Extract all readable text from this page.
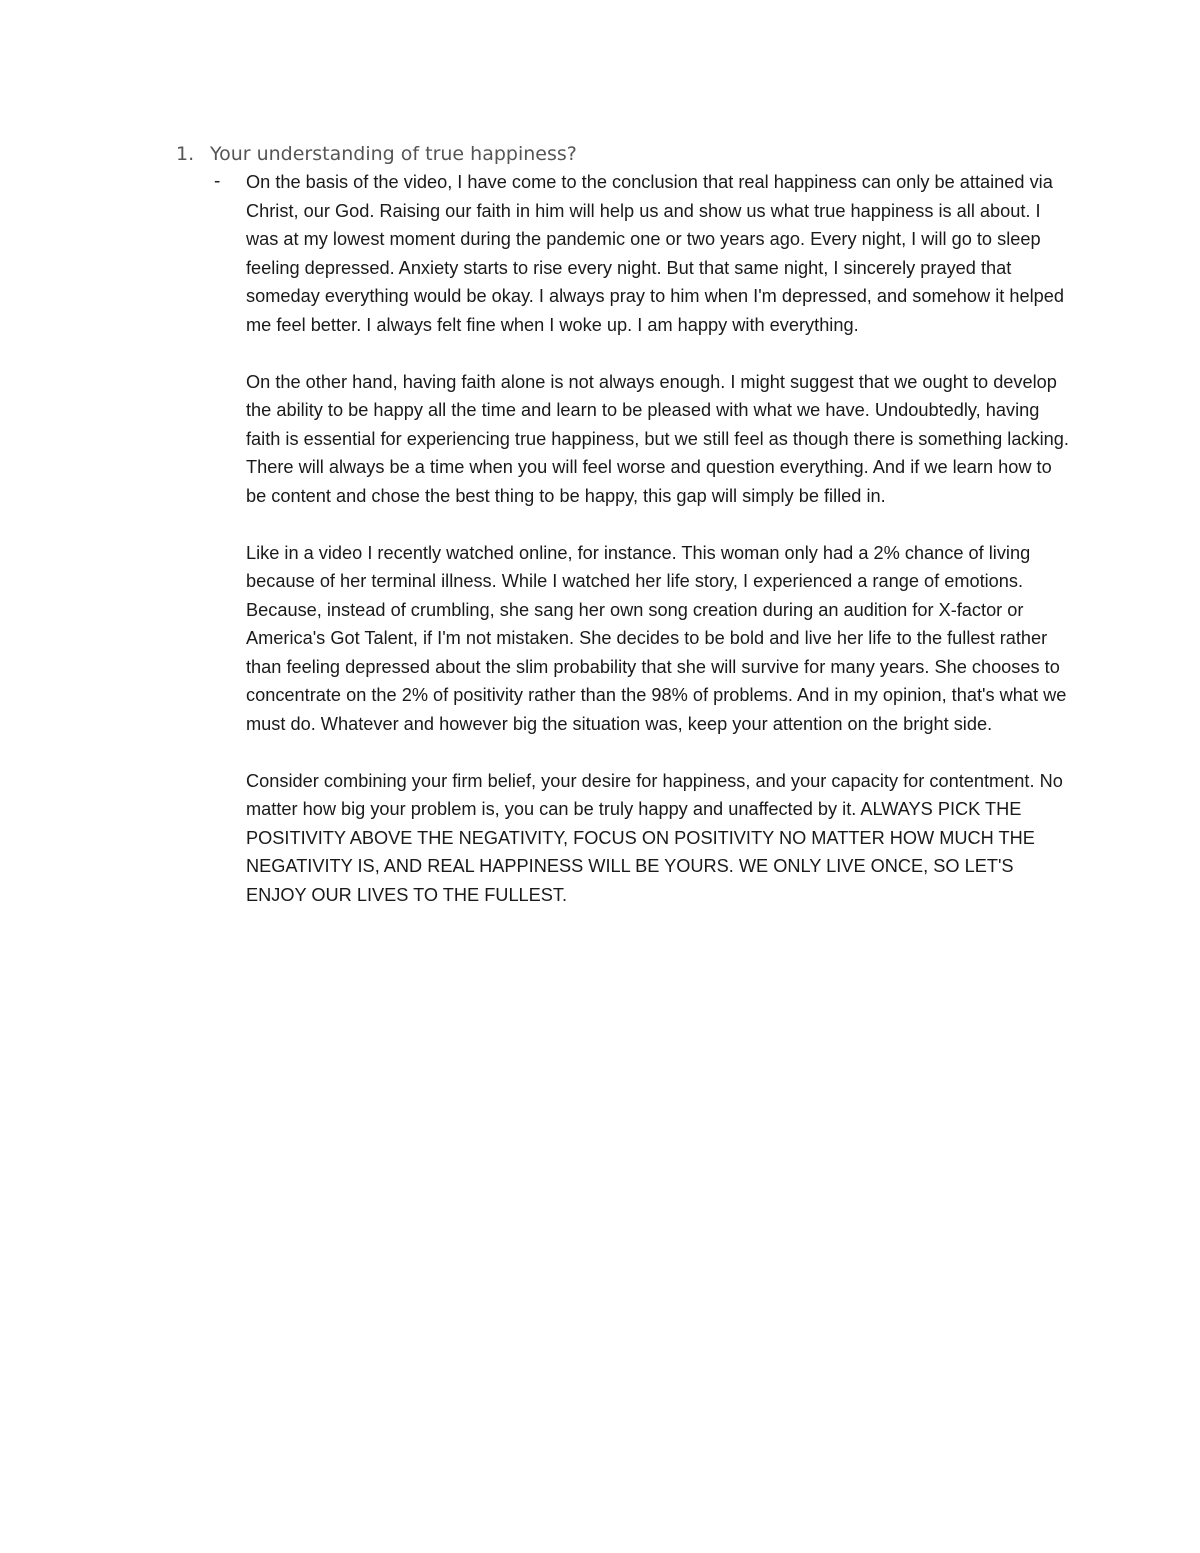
1. Your understanding of true happiness?
- On the basis of the video, I have come to the conclusion that real happiness can only be attained via Christ, our God. Raising our faith in him will help us and show us what true happiness is all about. I was at my lowest moment during the pandemic one or two years ago. Every night, I will go to sleep feeling depressed. Anxiety starts to rise every night. But that same night, I sincerely prayed that someday everything would be okay. I always pray to him when I'm depressed, and somehow it helped me feel better. I always felt fine when I woke up. I am happy with everything.

On the other hand, having faith alone is not always enough. I might suggest that we ought to develop the ability to be happy all the time and learn to be pleased with what we have. Undoubtedly, having faith is essential for experiencing true happiness, but we still feel as though there is something lacking. There will always be a time when you will feel worse and question everything. And if we learn how to be content and chose the best thing to be happy, this gap will simply be filled in.

Like in a video I recently watched online, for instance. This woman only had a 2% chance of living because of her terminal illness. While I watched her life story, I experienced a range of emotions. Because, instead of crumbling, she sang her own song creation during an audition for X-factor or America's Got Talent, if I'm not mistaken. She decides to be bold and live her life to the fullest rather than feeling depressed about the slim probability that she will survive for many years. She chooses to concentrate on the 2% of positivity rather than the 98% of problems. And in my opinion, that's what we must do. Whatever and however big the situation was, keep your attention on the bright side.

Consider combining your firm belief, your desire for happiness, and your capacity for contentment. No matter how big your problem is, you can be truly happy and unaffected by it. ALWAYS PICK THE POSITIVITY ABOVE THE NEGATIVITY, FOCUS ON POSITIVITY NO MATTER HOW MUCH THE NEGATIVITY IS, AND REAL HAPPINESS WILL BE YOURS. WE ONLY LIVE ONCE, SO LET'S ENJOY OUR LIVES TO THE FULLEST.
